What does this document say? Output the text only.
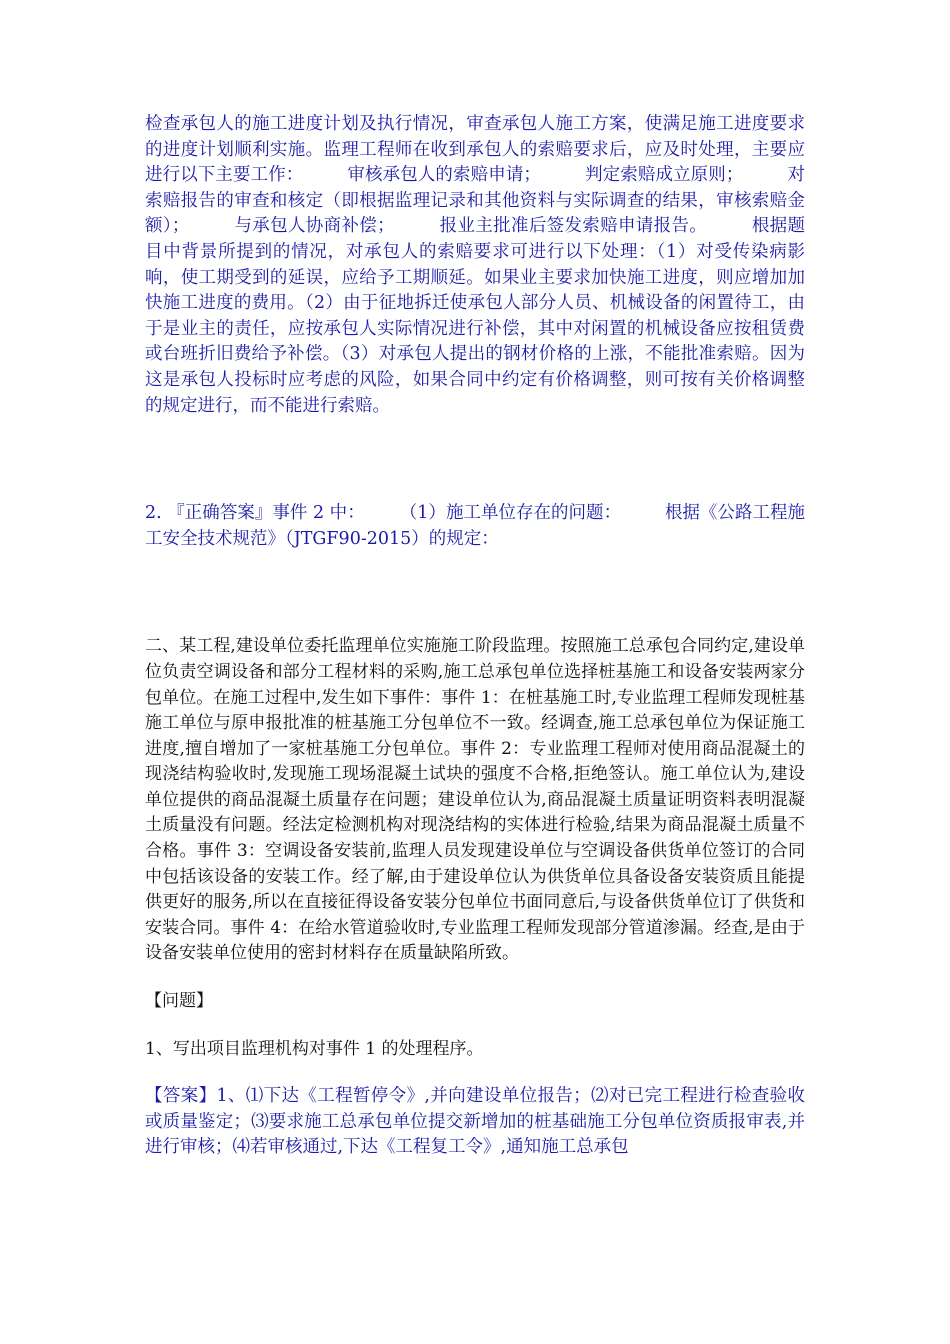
检查承包人的施工进度计划及执行情况，审查承包人施工方案，使满足施工进度要求的进度计划顺利实施。监理工程师在收到承包人的索赔要求后，应及时处理，主要应进行以下主要工作：　　　审核承包人的索赔申请；　　　判定索赔成立原则；　　　对索赔报告的审查和核定（即根据监理记录和其他资料与实际调查的结果，审核索赔金额）；　　　与承包人协商补偿；　　　报业主批准后签发索赔申请报告。　　　根据题目中背景所提到的情况，对承包人的索赔要求可进行以下处理：（1）对受传染病影响，使工期受到的延误，应给予工期顺延。如果业主要求加快施工进度，则应增加加快施工进度的费用。（2）由于征地拆迁使承包人部分人员、机械设备的闲置待工，由于是业主的责任，应按承包人实际情况进行补偿，其中对闲置的机械设备应按租赁费或台班折旧费给予补偿。（3）对承包人提出的钢材价格的上涨，不能批准索赔。因为这是承包人投标时应考虑的风险，如果合同中约定有价格调整，则可按有关价格调整的规定进行，而不能进行索赔。

2. 『正确答案』事件 2 中：　　　（1）施工单位存在的问题：　　　根据《公路工程施工安全技术规范》（JTGF90-2015）的规定：

二、某工程,建设单位委托监理单位实施施工阶段监理。按照施工总承包合同约定,建设单位负责空调设备和部分工程材料的采购,施工总承包单位选择桩基施工和设备安装两家分包单位。在施工过程中,发生如下事件：事件 1：在桩基施工时,专业监理工程师发现桩基施工单位与原申报批准的桩基施工分包单位不一致。经调查,施工总承包单位为保证施工进度,擅自增加了一家桩基施工分包单位。事件 2：专业监理工程师对使用商品混凝土的现浇结构验收时,发现施工现场混凝土试块的强度不合格,拒绝签认。施工单位认为,建设单位提供的商品混凝土质量存在问题；建设单位认为,商品混凝土质量证明资料表明混凝土质量没有问题。经法定检测机构对现浇结构的实体进行检验,结果为商品混凝土质量不合格。事件 3：空调设备安装前,监理人员发现建设单位与空调设备供货单位签订的合同中包括该设备的安装工作。经了解,由于建设单位认为供货单位具备设备安装资质且能提供更好的服务,所以在直接征得设备安装分包单位书面同意后,与设备供货单位订了供货和安装合同。事件 4：在给水管道验收时,专业监理工程师发现部分管道渗漏。经查,是由于设备安装单位使用的密封材料存在质量缺陷所致。

【问题】

1、写出项目监理机构对事件 1 的处理程序。

【答案】1、⑴下达《工程暂停令》,并向建设单位报告；⑵对已完工程进行检查验收或质量鉴定；⑶要求施工总承包单位提交新增加的桩基础施工分包单位资质报审表,并进行审核；⑷若审核通过,下达《工程复工令》,通知施工总承包
